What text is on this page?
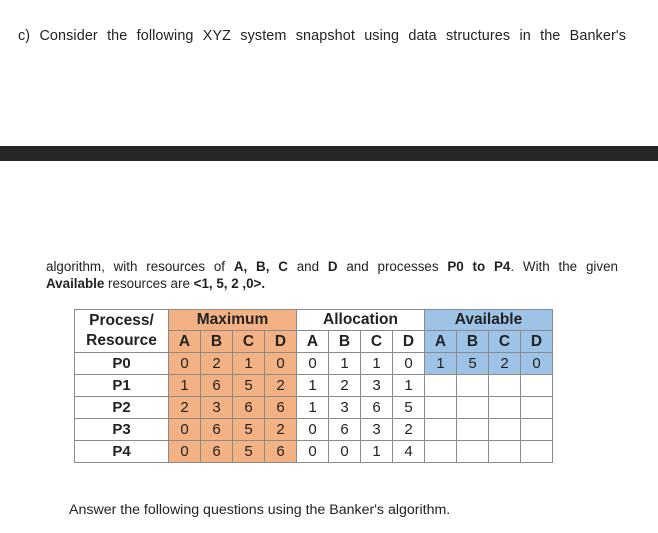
c) Consider the following XYZ system snapshot using data structures in the Banker's
algorithm, with resources of A, B, C and D and processes P0 to P4. With the given
Available resources are <1, 5, 2 ,0>.
Process/ Resource	Maximum				Allocation				Available			
	A	B	C	D	A	B	C	D	A	B	C	D
P0	0	2	1	0	0	1	1	0	1	5	2	0
P1	1	6	5	2	1	2	3	1				
P2	2	3	6	6	1	3	6	5				
P3	0	6	5	2	0	6	3	2				
P4	0	6	5	6	0	0	1	4				
Answer the following questions using the Banker's algorithm.
